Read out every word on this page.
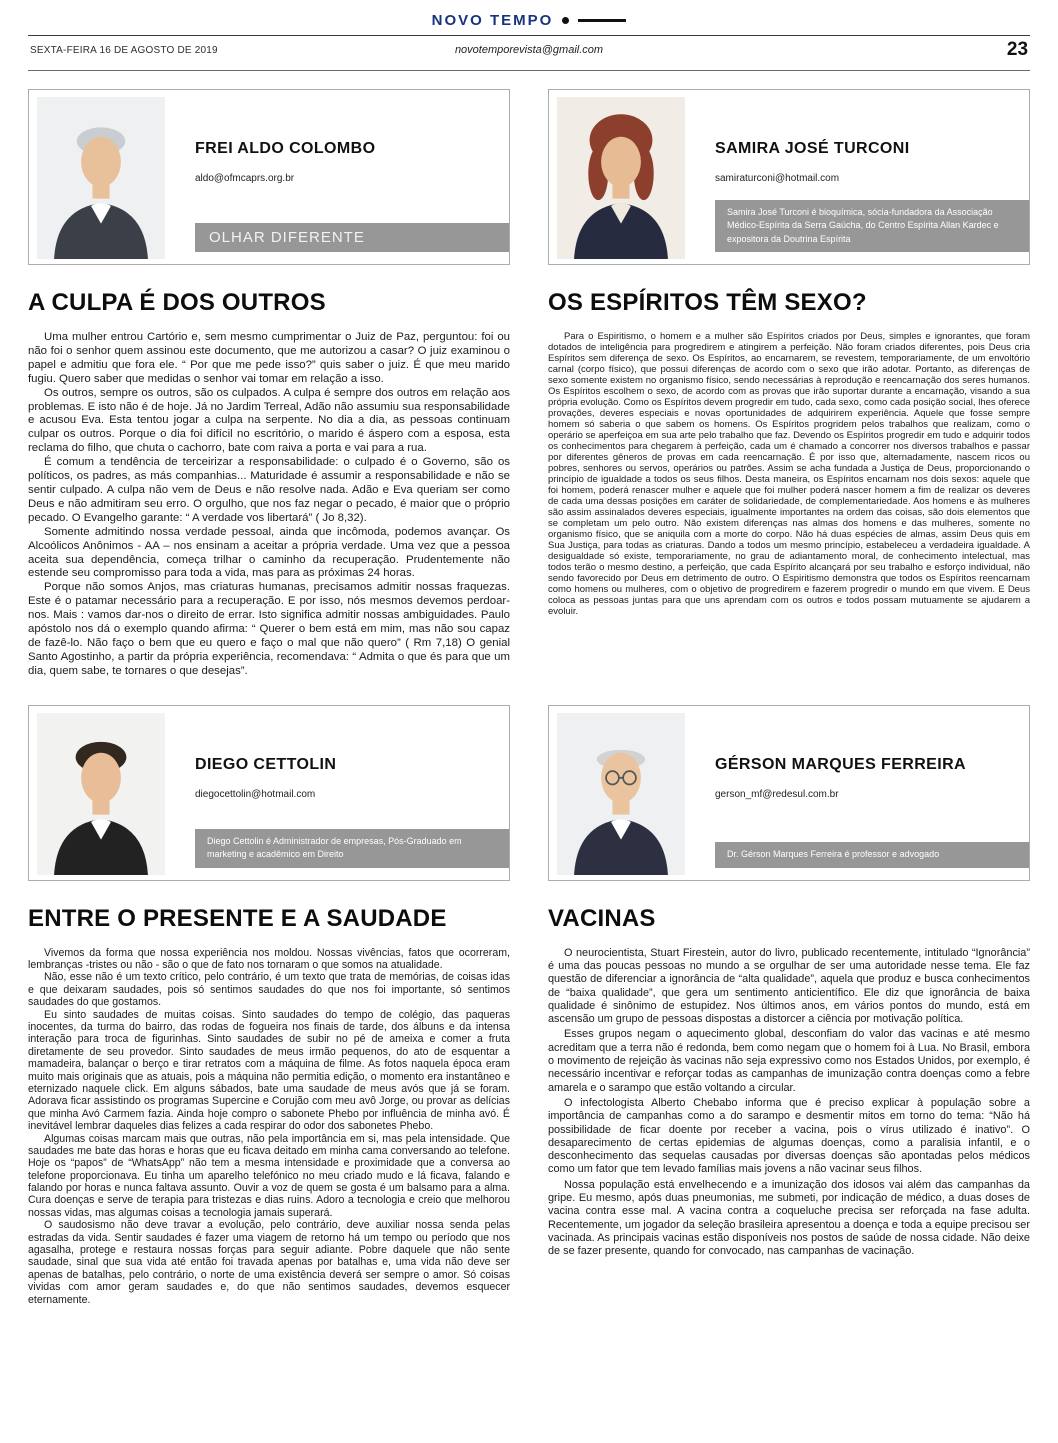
NOVO TEMPO
SEXTA-FEIRA 16 DE AGOSTO DE 2019	novotemporevista@gmail.com	23
FREI ALDO COLOMBO
aldo@ofmcaprs.org.br
OLHAR DIFERENTE
A CULPA É DOS OUTROS

Uma mulher entrou Cartório e, sem mesmo cumprimentar o Juiz de Paz, perguntou: foi ou não foi o senhor quem assinou este documento, que me autorizou a casar? O juiz examinou o papel e admitiu que fora ele. “ Por que me pede isso?” quis saber o juiz. É que meu marido fugiu. Quero saber que medidas o senhor vai tomar em relação a isso.

Os outros, sempre os outros, são os culpados. A culpa é sempre dos outros em relação aos problemas. E isto não é de hoje. Já no Jardim Terreal, Adão não assumiu sua responsabilidade e acusou Eva. Esta tentou jogar a culpa na serpente. No dia a dia, as pessoas continuam culpar os outros. Porque o dia foi difícil no escritório, o marido é áspero com a esposa, esta reclama do filho, que chuta o cachorro, bate com raiva a porta e vai para a rua.

É comum a tendência de terceirizar a responsabilidade: o culpado é o Governo, são os políticos, os padres, as más companhias... Maturidade é assumir a responsabilidade e não se sentir culpado. A culpa não vem de Deus e não resolve nada. Adão e Eva queriam ser como Deus e não admitiram seu erro. O orgulho, que nos faz negar o pecado, é maior que o próprio pecado. O Evangelho garante: “ A verdade vos libertará” ( Jo 8,32).

Somente admitindo nossa verdade pessoal, ainda que incômoda, podemos avançar. Os Alcoólicos Anônimos - AA – nos ensinam a aceitar a própria verdade. Uma vez que a pessoa aceita sua dependência, começa trilhar o caminho da recuperação. Prudentemente não estende seu compromisso para toda a vida, mas para as próximas 24 horas.

Porque não somos Anjos, mas criaturas humanas, precisamos admitir nossas fraquezas. Este é o patamar necessário para a recuperação. E por isso, nós mesmos devemos perdoar-nos. Mais : vamos dar-nos o direito de errar. Isto significa admitir nossas ambiguidades. Paulo apóstolo nos dá o exemplo quando afirma: “ Querer o bem está em mim, mas não sou capaz de fazê-lo. Não faço o bem que eu quero e faço o mal que não quero” ( Rm 7,18) O genial Santo Agostinho, a partir da própria experiência, recomendava: “ Admita o que és para que um dia, quem sabe, te tornares o que desejas”.

SAMIRA JOSÉ TURCONI
samiraturconi@hotmail.com
Samira José Turconi é bioquímica, sócia-fundadora da Associação Médico-Espírita da Serra Gaúcha, do Centro Espírita Allan Kardec e expositora da Doutrina Espírita
OS ESPÍRITOS TÊM SEXO?

Para o Espiritismo, o homem e a mulher são Espíritos criados por Deus, simples e ignorantes, que foram dotados de inteligência para progredirem e atingirem a perfeição. Não foram criados diferentes, pois Deus cria Espíritos sem diferença de sexo. Os Espíritos, ao encarnarem, se revestem, temporariamente, de um envoltório carnal (corpo físico), que possui diferenças de acordo com o sexo que irão adotar. Portanto, as diferenças de sexo somente existem no organismo físico, sendo necessárias à reprodução e reencarnação dos seres humanos. Os Espíritos escolhem o sexo, de acordo com as provas que irão suportar durante a encarnação, visando a sua própria evolução. Como os Espíritos devem progredir em tudo, cada sexo, como cada posição social, lhes oferece provações, deveres especiais e novas oportunidades de adquirirem experiência. Aquele que fosse sempre homem só saberia o que sabem os homens. Os Espíritos progridem pelos trabalhos que realizam, como o operário se aperfeiçoa em sua arte pelo trabalho que faz. Devendo os Espíritos progredir em tudo e adquirir todos os conhecimentos para chegarem à perfeição, cada um é chamado a concorrer nos diversos trabalhos e passar por diferentes gêneros de provas em cada reencarnação. É por isso que, alternadamente, nascem ricos ou pobres, senhores ou servos, operários ou patrões. Assim se acha fundada a Justiça de Deus, proporcionando o princípio de igualdade a todos os seus filhos. Desta maneira, os Espíritos encarnam nos dois sexos: aquele que foi homem, poderá renascer mulher e aquele que foi mulher poderá nascer homem a fim de realizar os deveres de cada uma dessas posições em caráter de solidariedade, de complementariedade. Aos homens e às mulheres são assim assinalados deveres especiais, igualmente importantes na ordem das coisas, são dois elementos que se completam um pelo outro. Não existem diferenças nas almas dos homens e das mulheres, somente no organismo físico, que se aniquila com a morte do corpo. Não há duas espécies de almas, assim Deus quis em Sua Justiça, para todas as criaturas. Dando a todos um mesmo princípio, estabeleceu a verdadeira igualdade. A desigualdade só existe, temporariamente, no grau de adiantamento moral, de conhecimento intelectual, mas todos terão o mesmo destino, a perfeição, que cada Espírito alcançará por seu trabalho e esforço individual, não sendo favorecido por Deus em detrimento de outro. O Espiritismo demonstra que todos os Espíritos reencarnam como homens ou mulheres, com o objetivo de progredirem e fazerem progredir o mundo em que vivem. E Deus coloca as pessoas juntas para que uns aprendam com os outros e todos possam mutuamente se ajudarem a evoluir.

DIEGO CETTOLIN
diegocettolin@hotmail.com
Diego Cettolin é Administrador de empresas, Pós-Graduado em marketing e acadêmico em Direito
ENTRE O PRESENTE E A SAUDADE

Vivemos da forma que nossa experiência nos moldou. Nossas vivências, fatos que ocorreram, lembranças -tristes ou não - são o que de fato nos tornaram o que somos na atualidade.

Não, esse não é um texto crítico, pelo contrário, é um texto que trata de memórias, de coisas idas e que deixaram saudades, pois só sentimos saudades do que nos foi importante, só sentimos saudades do que gostamos.

Eu sinto saudades de muitas coisas. Sinto saudades do tempo de colégio, das paqueras inocentes, da turma do bairro, das rodas de fogueira nos finais de tarde, dos álbuns e da intensa interação para troca de figurinhas. Sinto saudades de subir no pé de ameixa e comer a fruta diretamente de seu provedor. Sinto saudades de meus irmão pequenos, do ato de esquentar a mamadeira, balançar o berço e tirar retratos com a máquina de filme. As fotos naquela época eram muito mais originais que as atuais, pois a máquina não permitia edição, o momento era instantâneo e eternizado naquele click. Em alguns sábados, bate uma saudade de meus avós que já se foram. Adorava ficar assistindo os programas Supercine e Corujão com meu avô Jorge, ou provar as delícias que minha Avó Carmem fazia. Ainda hoje compro o sabonete Phebo por influência de minha avó. É inevitável lembrar daqueles dias felizes a cada respirar do odor dos sabonetes Phebo.

Algumas coisas marcam mais que outras, não pela importância em si, mas pela intensidade. Que saudades me bate das horas e horas que eu ficava deitado em minha cama conversando ao telefone. Hoje os “papos” de “WhatsApp” não tem a mesma intensidade e proximidade que a conversa ao telefone proporcionava. Eu tinha um aparelho telefónico no meu criado mudo e lá ficava, falando e falando por horas e nunca faltava assunto. Ouvir a voz de quem se gosta é um balsamo para a alma. Cura doenças e serve de terapia para tristezas e dias ruins. Adoro a tecnologia e creio que melhorou nossas vidas, mas algumas coisas a tecnologia jamais superará.

O saudosismo não deve travar a evolução, pelo contrário, deve auxiliar nossa senda pelas estradas da vida. Sentir saudades é fazer uma viagem de retorno há um tempo ou período que nos agasalha, protege e restaura nossas forças para seguir adiante. Pobre daquele que não sente saudade, sinal que sua vida até então foi travada apenas por batalhas e, uma vida não deve ser apenas de batalhas, pelo contrário, o norte de uma existência deverá ser sempre o amor. Só coisas vividas com amor geram saudades e, do que não sentimos saudades, devemos esquecer eternamente.

GÉRSON MARQUES FERREIRA
gerson_mf@redesul.com.br
Dr. Gérson Marques Ferreira é professor e advogado
VACINAS

O neurocientista, Stuart Firestein, autor do livro, publicado recentemente, intitulado “Ignorância” é uma das poucas pessoas no mundo a se orgulhar de ser uma autoridade nesse tema. Ele faz questão de diferenciar a ignorância de “alta qualidade”, aquela que produz e busca conhecimentos de “baixa qualidade”, que gera um sentimento anticientífico. Ele diz que ignorância de baixa qualidade é sinônimo de estupidez. Nos últimos anos, em vários pontos do mundo, está em ascensão um grupo de pessoas dispostas a distorcer a ciência por motivação política.

Esses grupos negam o aquecimento global, desconfiam do valor das vacinas e até mesmo acreditam que a terra não é redonda, bem como negam que o homem foi à Lua. No Brasil, embora o movimento de rejeição às vacinas não seja expressivo como nos Estados Unidos, por exemplo, é necessário incentivar e reforçar todas as campanhas de imunização contra doenças como a febre amarela e o sarampo que estão voltando a circular.

O infectologista Alberto Chebabo informa que é preciso explicar à população sobre a importância de campanhas como a do sarampo e desmentir mitos em torno do tema: “Não há possibilidade de ficar doente por receber a vacina, pois o vírus utilizado é inativo”. O desaparecimento de certas epidemias de algumas doenças, como a paralisia infantil, e o desconhecimento das sequelas causadas por diversas doenças são apontadas pelos médicos como um fator que tem levado famílias mais jovens a não vacinar seus filhos.

Nossa população está envelhecendo e a imunização dos idosos vai além das campanhas da gripe. Eu mesmo, após duas pneumonias, me submeti, por indicação de médico, a duas doses de vacina contra esse mal. A vacina contra a coqueluche precisa ser reforçada na fase adulta. Recentemente, um jogador da seleção brasileira apresentou a doença e toda a equipe precisou ser vacinada. As principais vacinas estão disponíveis nos postos de saúde de nossa cidade. Não deixe de se fazer presente, quando for convocado, nas campanhas de vacinação.
